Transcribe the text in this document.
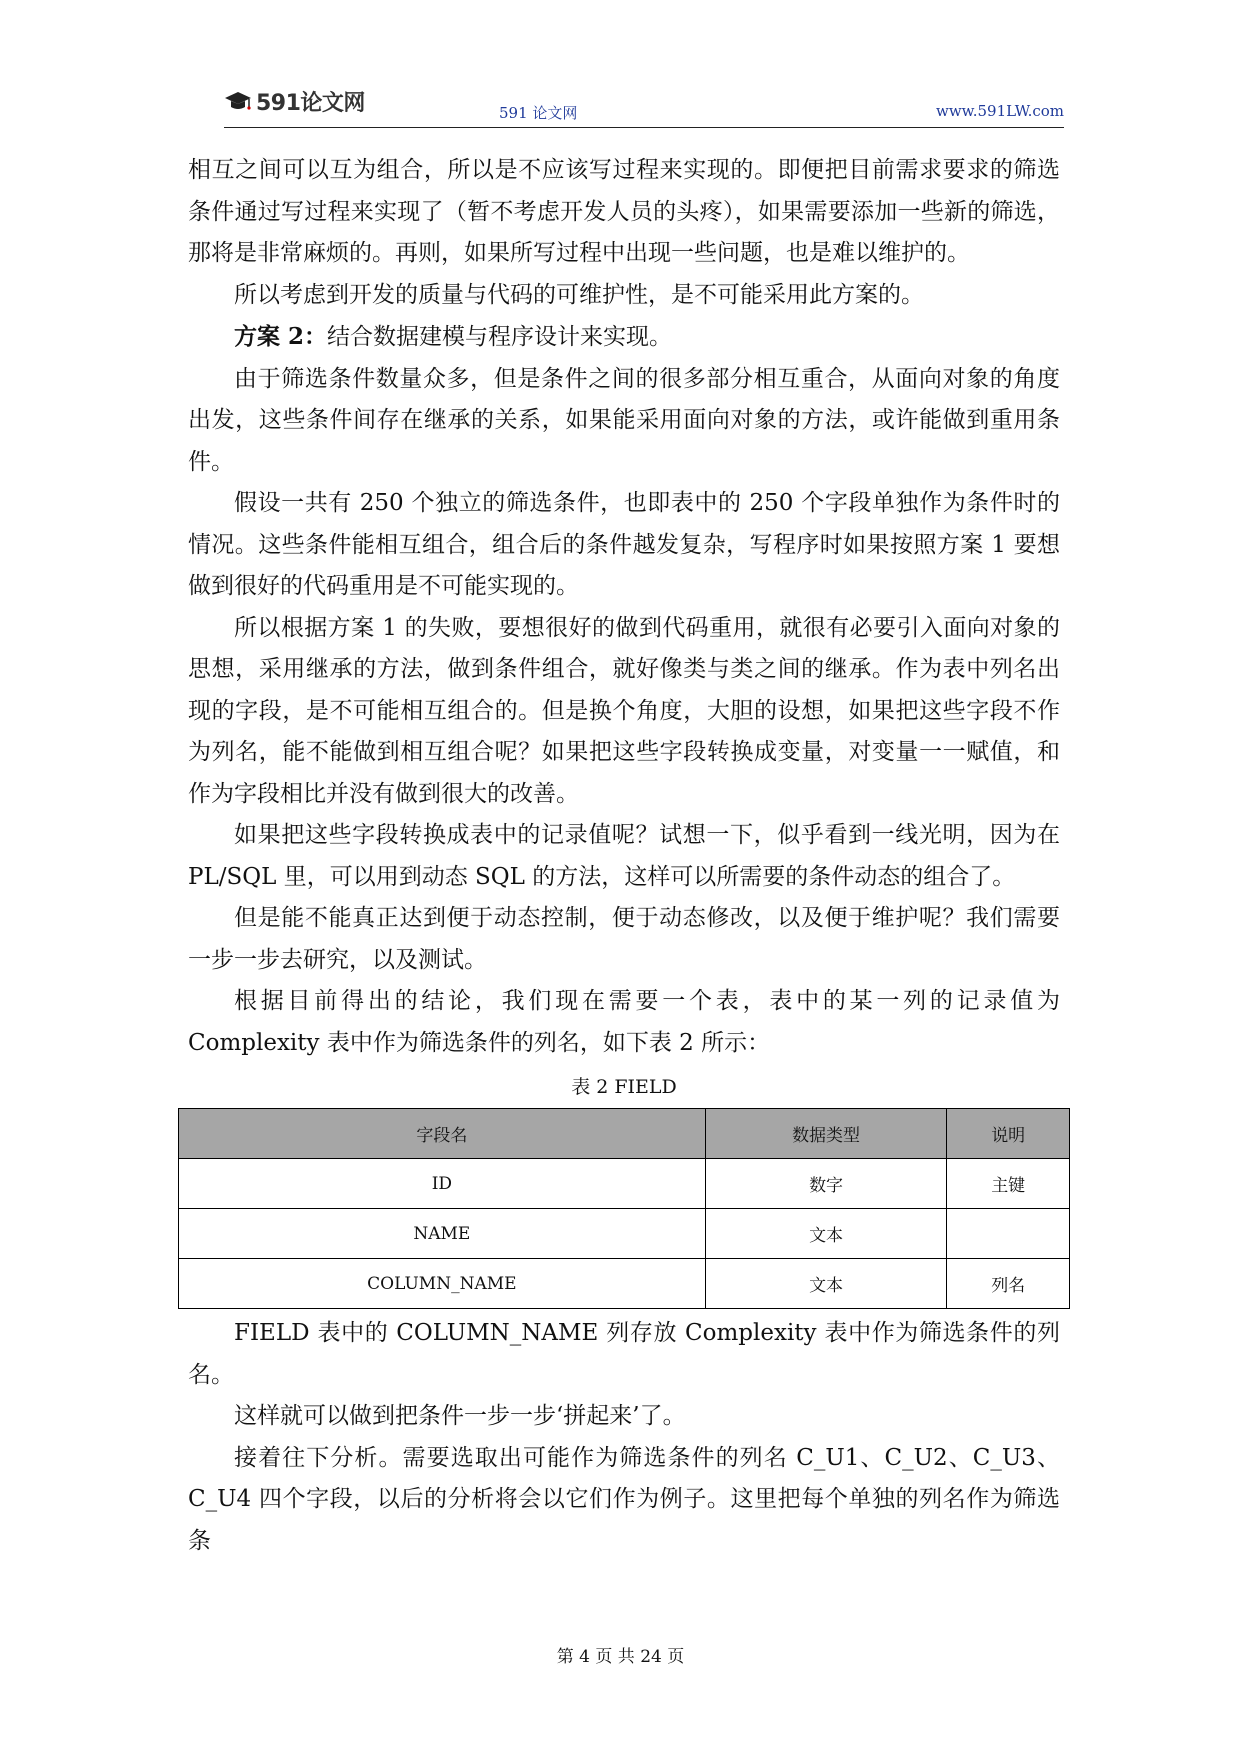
591论文网	591 论文网	www.591LW.com

相互之间可以互为组合，所以是不应该写过程来实现的。即便把目前需求要求的筛选条件通过写过程来实现了（暂不考虑开发人员的头疼），如果需要添加一些新的筛选，那将是非常麻烦的。再则，如果所写过程中出现一些问题，也是难以维护的。

所以考虑到开发的质量与代码的可维护性，是不可能采用此方案的。

方案 2：结合数据建模与程序设计来实现。

由于筛选条件数量众多，但是条件之间的很多部分相互重合，从面向对象的角度出发，这些条件间存在继承的关系，如果能采用面向对象的方法，或许能做到重用条件。

假设一共有 250 个独立的筛选条件，也即表中的 250 个字段单独作为条件时的情况。这些条件能相互组合，组合后的条件越发复杂，写程序时如果按照方案 1 要想做到很好的代码重用是不可能实现的。

所以根据方案 1 的失败，要想很好的做到代码重用，就很有必要引入面向对象的思想，采用继承的方法，做到条件组合，就好像类与类之间的继承。作为表中列名出现的字段，是不可能相互组合的。但是换个角度，大胆的设想，如果把这些字段不作为列名，能不能做到相互组合呢？如果把这些字段转换成变量，对变量一一赋值，和作为字段相比并没有做到很大的改善。

如果把这些字段转换成表中的记录值呢？试想一下，似乎看到一线光明，因为在 PL/SQL 里，可以用到动态 SQL 的方法，这样可以所需要的条件动态的组合了。

但是能不能真正达到便于动态控制，便于动态修改，以及便于维护呢？我们需要一步一步去研究，以及测试。

根据目前得出的结论，我们现在需要一个表，表中的某一列的记录值为 Complexity 表中作为筛选条件的列名，如下表 2 所示：

表 2 FIELD
字段名	数据类型	说明
ID	数字	主键
NAME	文本	
COLUMN_NAME	文本	列名

FIELD 表中的 COLUMN_NAME 列存放 Complexity 表中作为筛选条件的列名。

这样就可以做到把条件一步一步‘拼起来’了。

接着往下分析。需要选取出可能作为筛选条件的列名 C_U1、C_U2、C_U3、C_U4 四个字段，以后的分析将会以它们作为例子。这里把每个单独的列名作为筛选条

第 4 页 共 24 页
